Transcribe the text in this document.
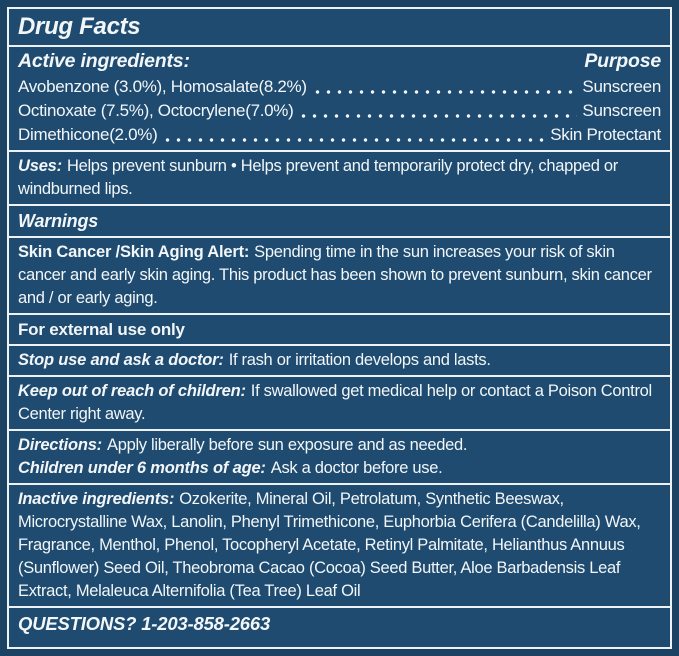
Drug Facts
Active ingredients:	Purpose
Avobenzone (3.0%), Homosalate(8.2%)	Sunscreen
Octinoxate (7.5%), Octocrylene(7.0%)	Sunscreen
Dimethicone(2.0%)	Skin Protectant

Uses: Helps prevent sunburn • Helps prevent and temporarily protect dry, chapped or windburned lips.

Warnings

Skin Cancer /Skin Aging Alert: Spending time in the sun increases your risk of skin cancer and early skin aging. This product has been shown to prevent sunburn, skin cancer and / or early aging.

For external use only

Stop use and ask a doctor: If rash or irritation develops and lasts.

Keep out of reach of children: If swallowed get medical help or contact a Poison Control Center right away.

Directions: Apply liberally before sun exposure and as needed.

Children under 6 months of age: Ask a doctor before use.

Inactive ingredients: Ozokerite, Mineral Oil, Petrolatum, Synthetic Beeswax, Microcrystalline Wax, Lanolin, Phenyl Trimethicone, Euphorbia Cerifera (Candelilla) Wax, Fragrance, Menthol, Phenol, Tocopheryl Acetate, Retinyl Palmitate, Helianthus Annuus (Sunflower) Seed Oil, Theobroma Cacao (Cocoa) Seed Butter, Aloe Barbadensis Leaf Extract, Melaleuca Alternifolia (Tea Tree) Leaf Oil

QUESTIONS? 1-203-858-2663
